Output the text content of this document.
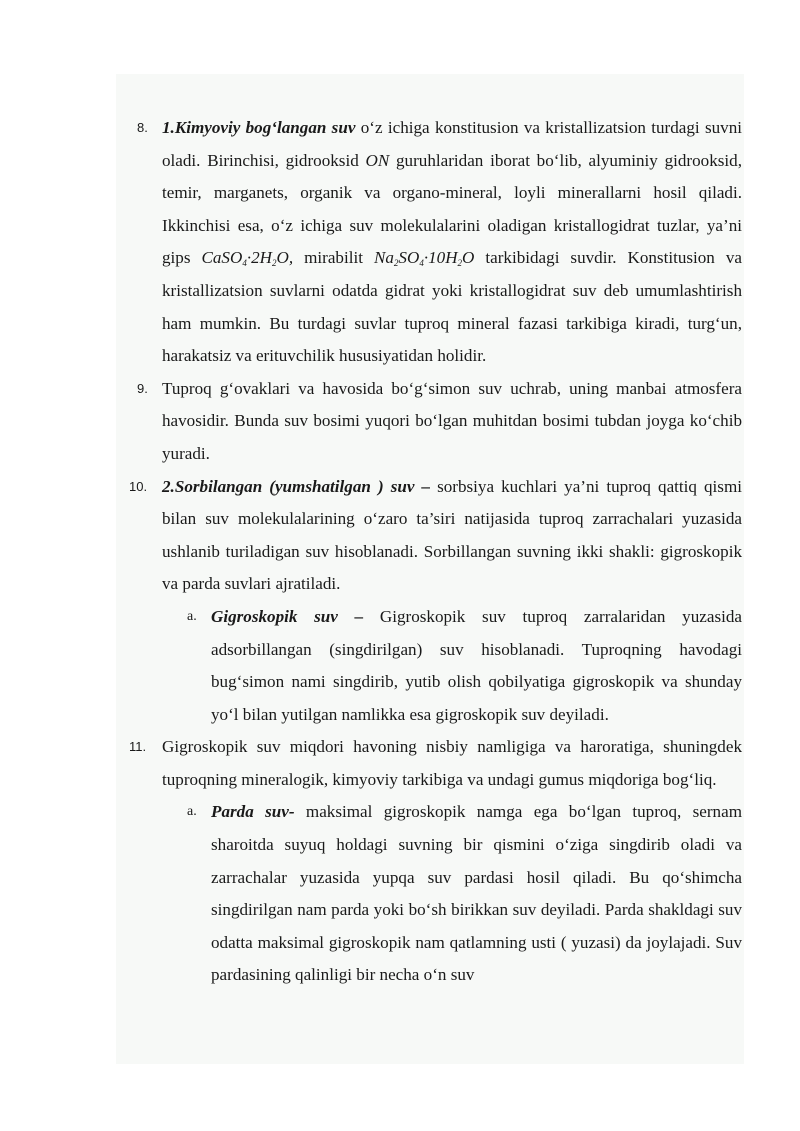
8. 1.Kimyoviy bog‘langan suv o‘z ichiga konstitusion va kristallizatsion turdagi suvni oladi. Birinchisi, gidrooksid ON guruhlaridan iborat bo‘lib, alyuminiy gidrooksid, temir, marganets, organik va organo-mineral, loyli minerallarni hosil qiladi. Ikkinchisi esa, o‘z ichiga suv molekulalarini oladigan kristallogidrat tuzlar, ya’ni gips $CaSO_4\cdot 2H_2O$, mirabilit $Na_2SO_4\cdot 10H_2O$ tarkibidagi suvdir. Konstitusion va kristallizatsion suvlarni odatda gidrat yoki kristallogidrat suv deb umumlashtirish ham mumkin. Bu turdagi suvlar tuproq mineral fazasi tarkibiga kiradi, turg‘un, harakatsiz va erituvchilik hususiyatidan holidir.

9. Tuproq g‘ovaklari va havosida bo‘g‘simon suv uchrab, uning manbai atmosfera havosidir. Bunda suv bosimi yuqori bo‘lgan muhitdan bosimi tubdan joyga ko‘chib yuradi.

10. 2.Sorbilangan (yumshatilgan ) suv – sorbsiya kuchlari ya’ni tuproq qattiq qismi bilan suv molekulalarining o‘zaro ta’siri natijasida tuproq zarrachalari yuzasida ushlanib turiladigan suv hisoblanadi. Sorbillangan suvning ikki shakli: gigroskopik va parda suvlari ajratiladi.

a. Gigroskopik suv – Gigroskopik suv tuproq zarralaridan yuzasida adsorbillangan (singdirilgan) suv hisoblanadi. Tuproqning havodagi bug‘simon nami singdirib, yutib olish qobilyatiga gigroskopik va shunday yo‘l bilan yutilgan namlikka esa gigroskopik suv deyiladi.

11. Gigroskopik suv miqdori havoning nisbiy namligiga va haroratiga, shuningdek tuproqning mineralogik, kimyoviy tarkibiga va undagi gumus miqdoriga bog‘liq.

a. Parda suv- maksimal gigroskopik namga ega bo‘lgan tuproq, sernam sharoitda suyuq holdagi suvning bir qismini o‘ziga singdirib oladi va zarrachalar yuzasida yupqa suv pardasi hosil qiladi. Bu qo‘shimcha singdirilgan nam parda yoki bo‘sh birikkan suv deyiladi. Parda shakldagi suv odatta maksimal gigroskopik nam qatlamning usti ( yuzasi) da joylajadi. Suv pardasining qalinligi bir necha o‘n suv
